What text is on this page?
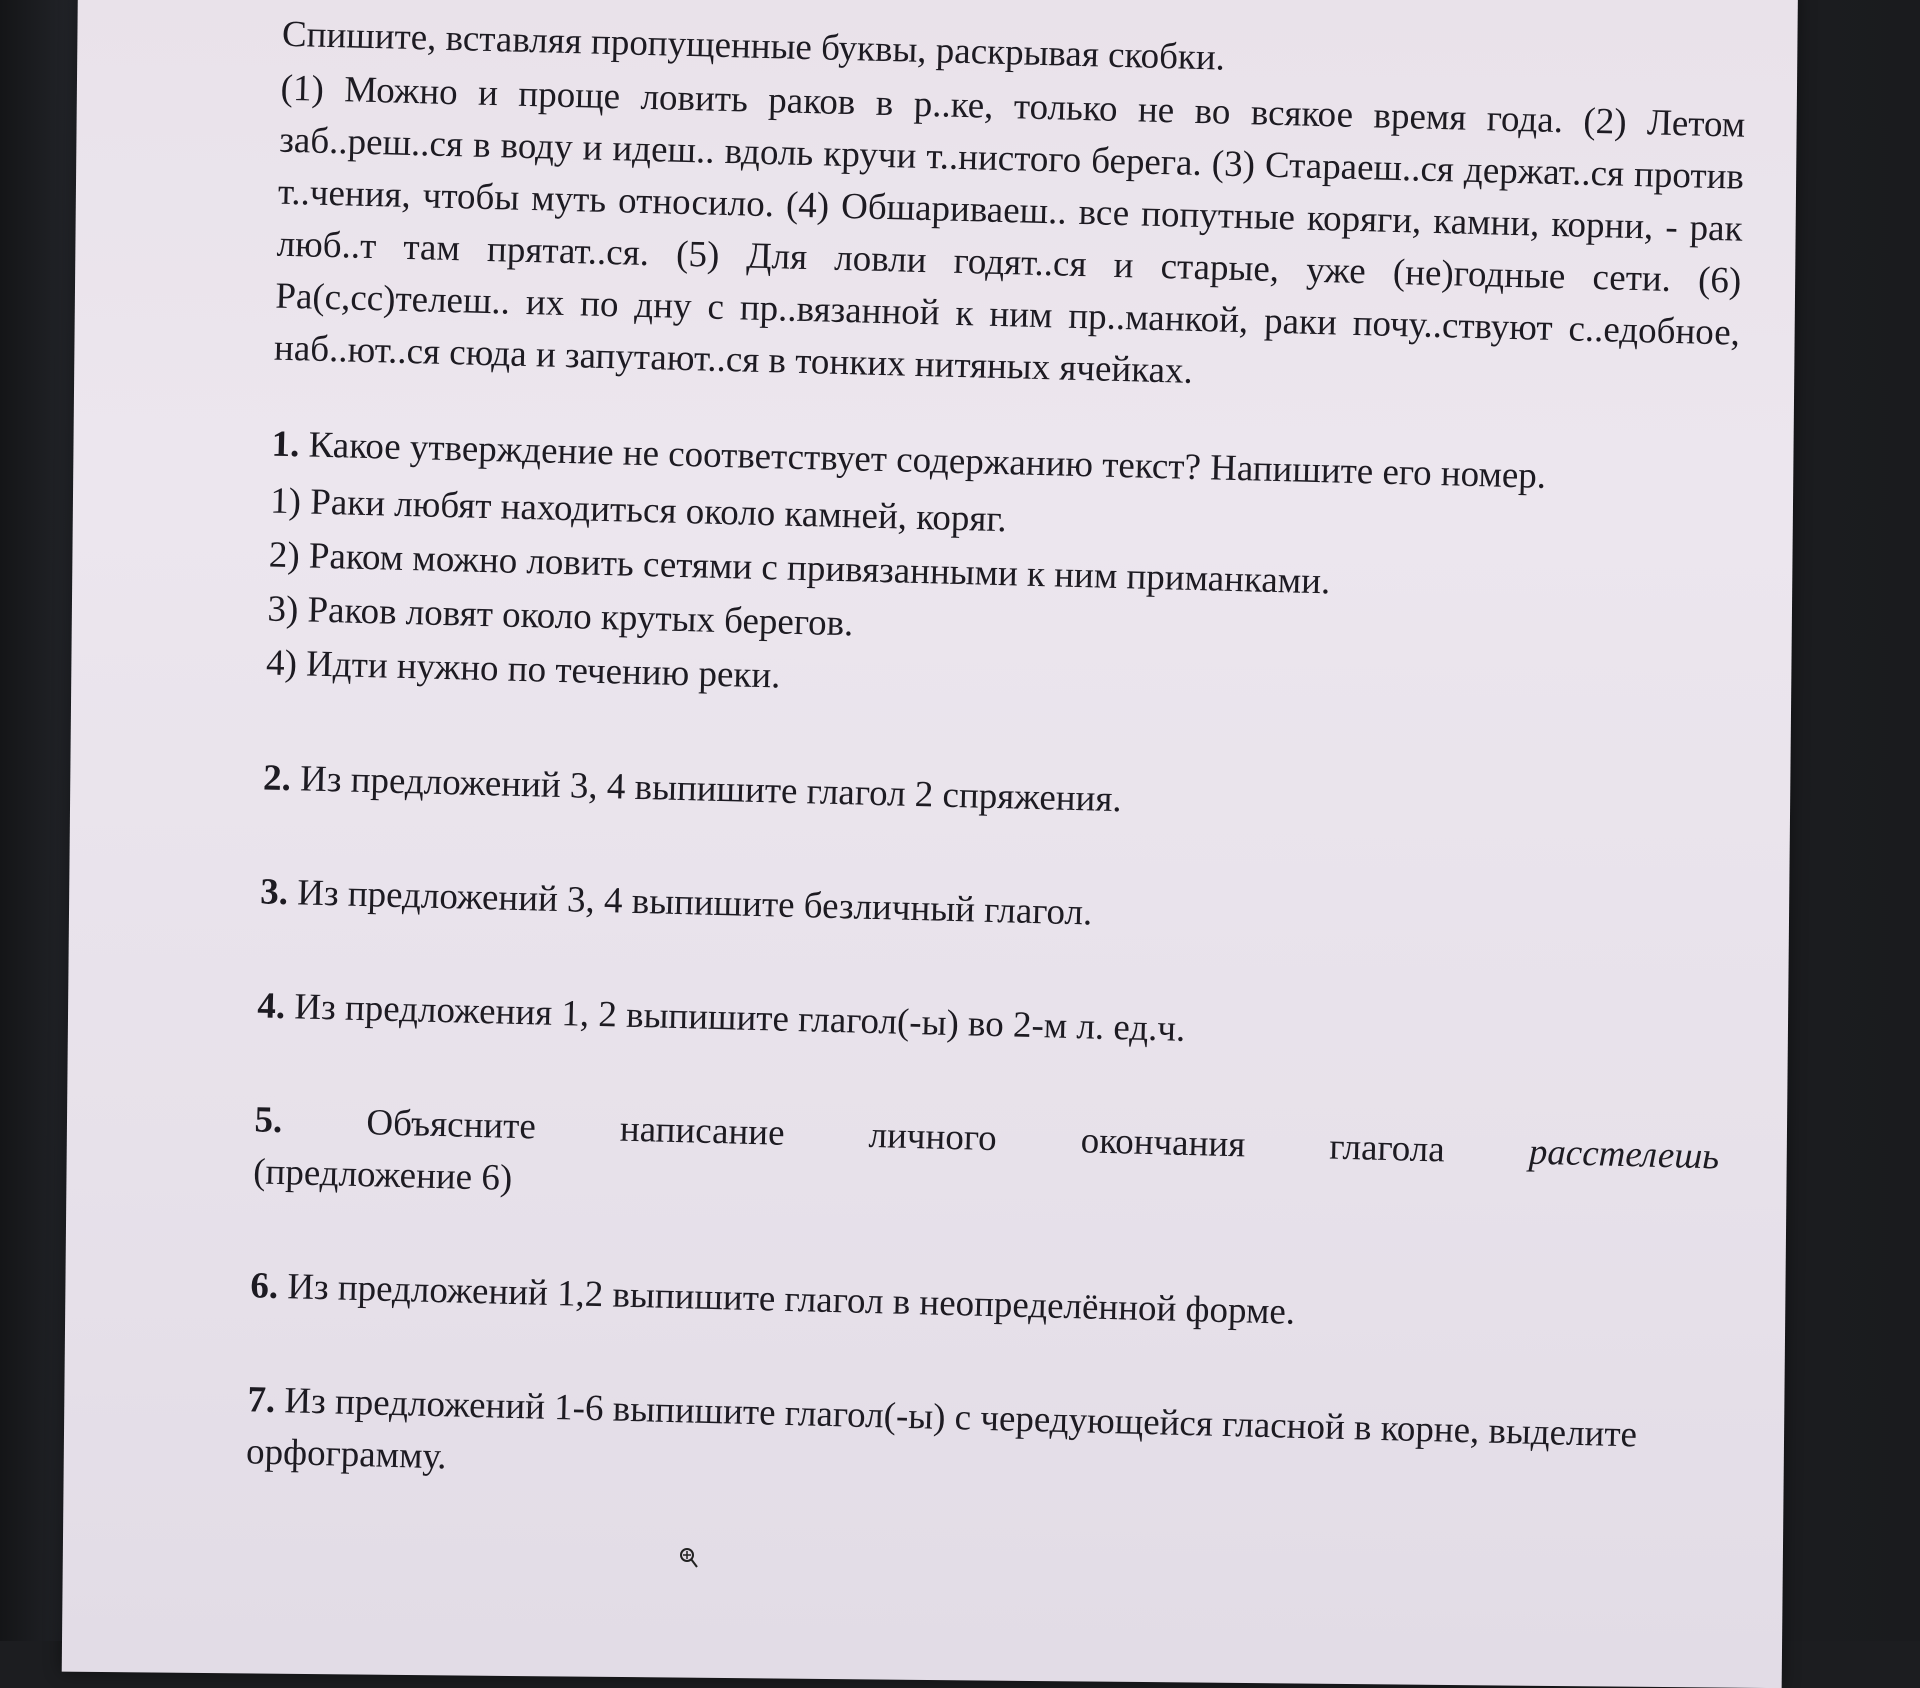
Спишите, вставляя пропущенные буквы, раскрывая скобки.

(1) Можно и проще ловить раков в р..ке, только не во всякое время года. (2) Летом заб..реш..ся в воду и идеш.. вдоль кручи т..нистого берега. (3) Стараеш..ся держат..ся против т..чения, чтобы муть относило. (4) Обшариваеш.. все попутные коряги, камни, корни, - рак люб..т там прятат..ся. (5) Для ловли годят..ся и старые, уже (не)годные сети. (6) Ра(с,сс)телеш.. их по дну с пр..вязанной к ним пр..манкой, раки почу..ствуют с..едобное, наб..ют..ся сюда и запутают..ся в тонких нитяных ячейках.

1. Какое утверждение не соответствует содержанию текст? Напишите его номер.
1) Раки любят находиться около камней, коряг.
2) Раком можно ловить сетями с привязанными к ним приманками.
3) Раков ловят около крутых берегов.
4) Идти нужно по течению реки.
2. Из предложений 3, 4 выпишите глагол 2 спряжения.
3. Из предложений 3, 4 выпишите безличный глагол.
4. Из предложения 1, 2 выпишите глагол(-ы) во 2-м л. ед.ч.
5. Объясните написание личного окончания глагола расстелешь
(предложение 6)
6. Из предложений 1,2 выпишите глагол в неопределённой форме.
7. Из предложений 1-6 выпишите глагол(-ы) с чередующейся гласной в корне, выделите орфограмму.
